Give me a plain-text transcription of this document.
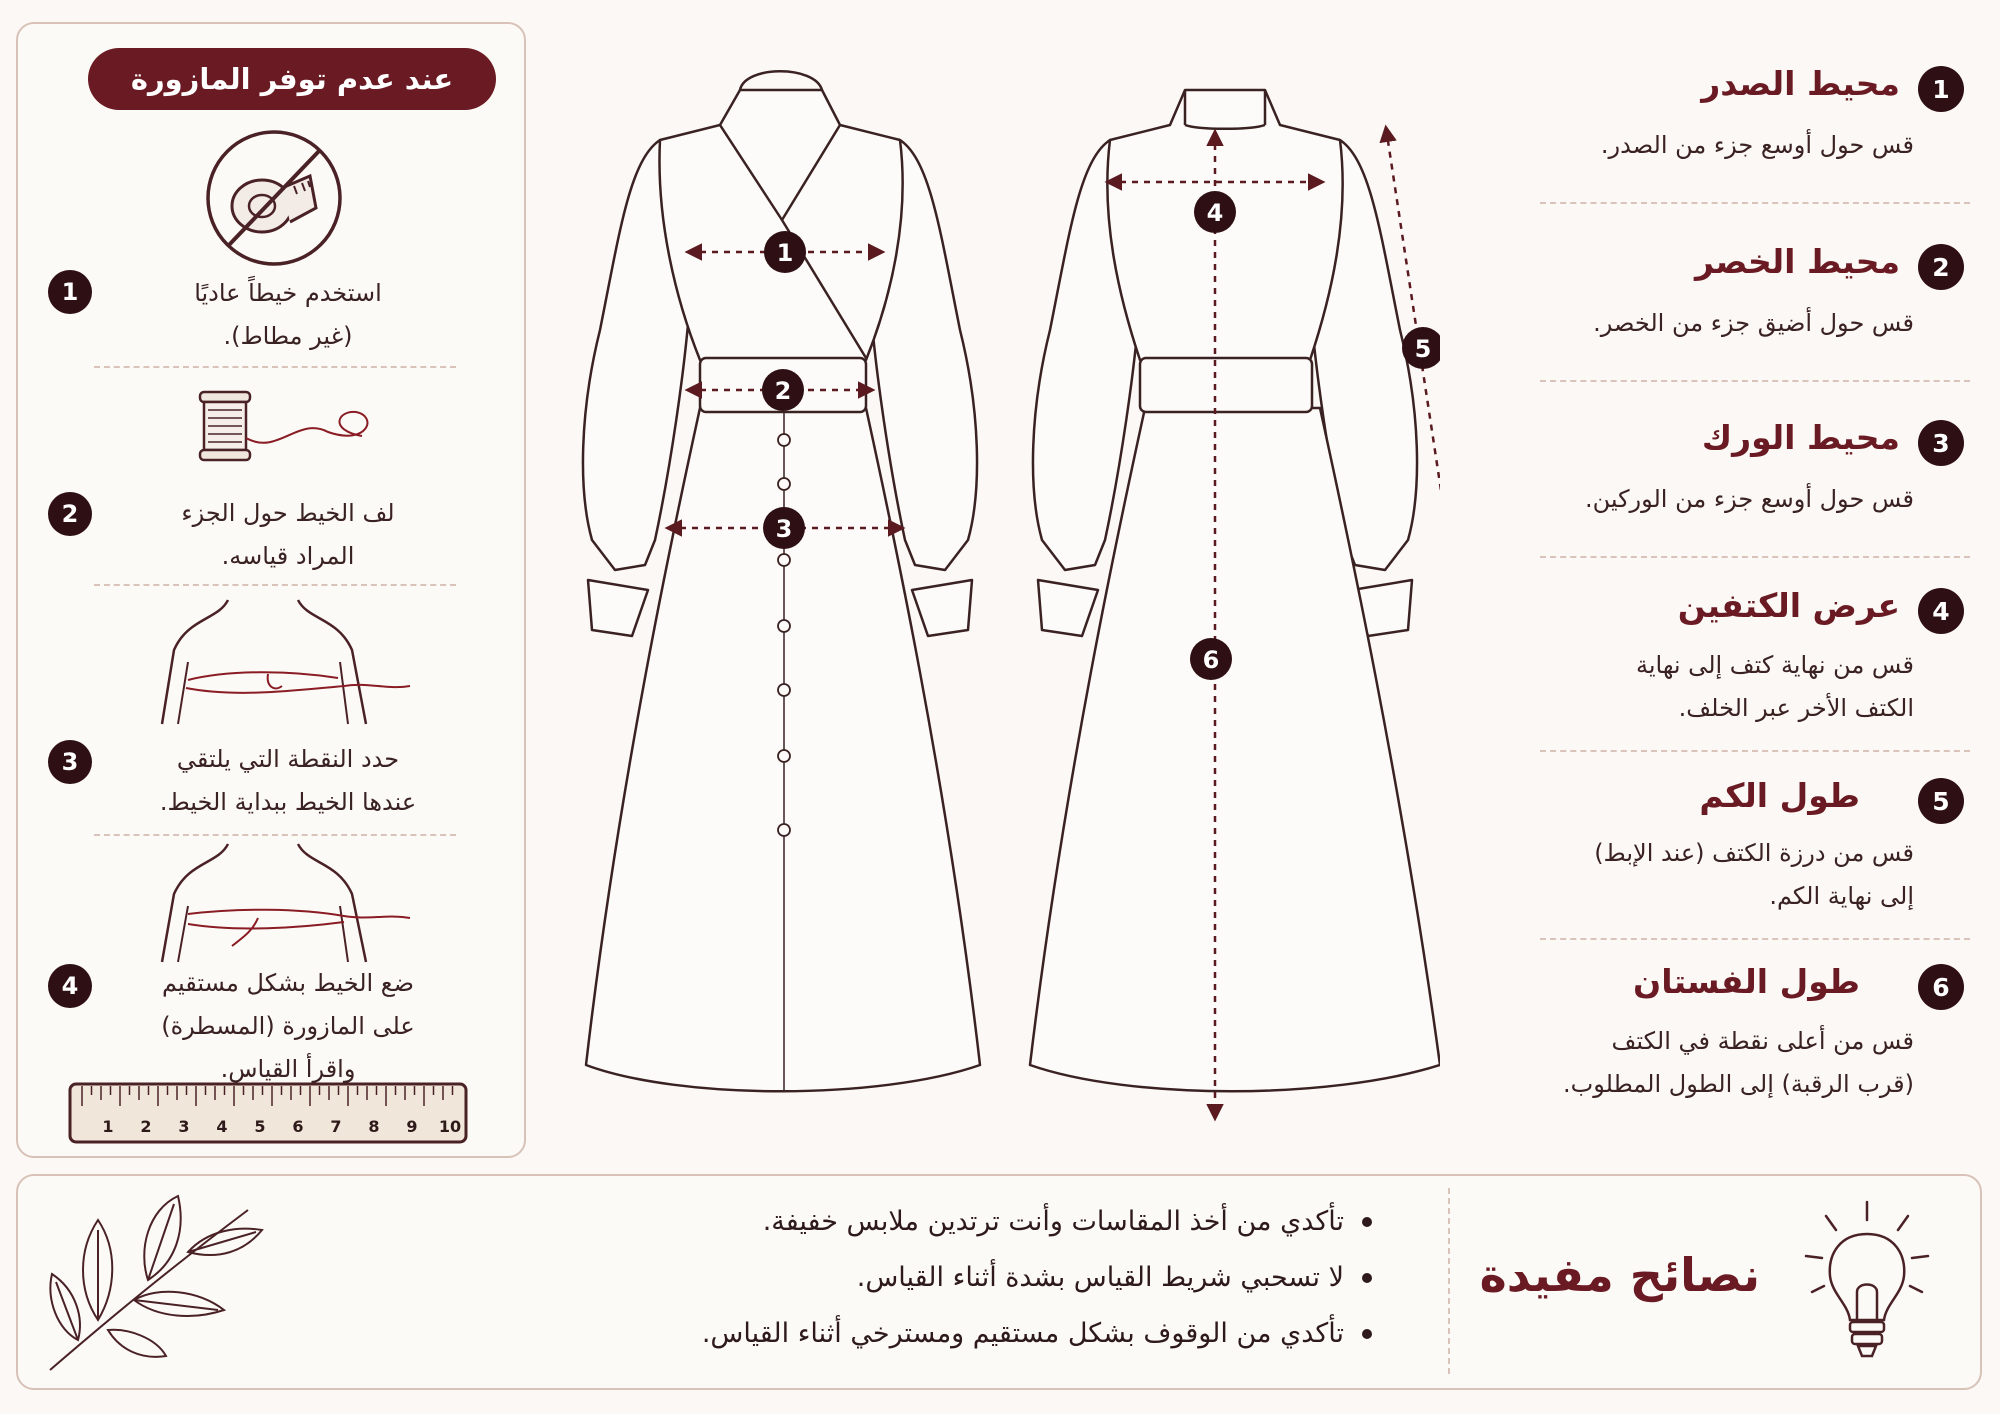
عند عدم توفر المازورة
1	استخدم خيطاً عاديًا
(غير مطاط).
2	لف الخيط حول الجزء
المراد قياسه.
3	حدد النقطة التي يلتقي
عندها الخيط ببداية الخيط.
4	ضع الخيط بشكل مستقيم
على المازورة (المسطرة)
واقرأ القياس.
1 2 3 4 5 6 7 8 9 10
1
2
3
4
5
6
1
محيط الصدر
قس حول أوسع جزء من الصدر.
2
محيط الخصر
قس حول أضيق جزء من الخصر.
3
محيط الورك
قس حول أوسع جزء من الوركين.
4
عرض الكتفين
قس من نهاية كتف إلى نهاية
الكتف الأخر عبر الخلف.
5
طول الكم
قس من درزة الكتف (عند الإبط)
إلى نهاية الكم.
6
طول الفستان
قس من أعلى نقطة في الكتف
(قرب الرقبة) إلى الطول المطلوب.
تأكدي من أخذ المقاسات وأنت ترتدين ملابس خفيفة.
لا تسحبي شريط القياس بشدة أثناء القياس.
تأكدي من الوقوف بشكل مستقيم ومسترخي أثناء القياس.
نصائح مفيدة
